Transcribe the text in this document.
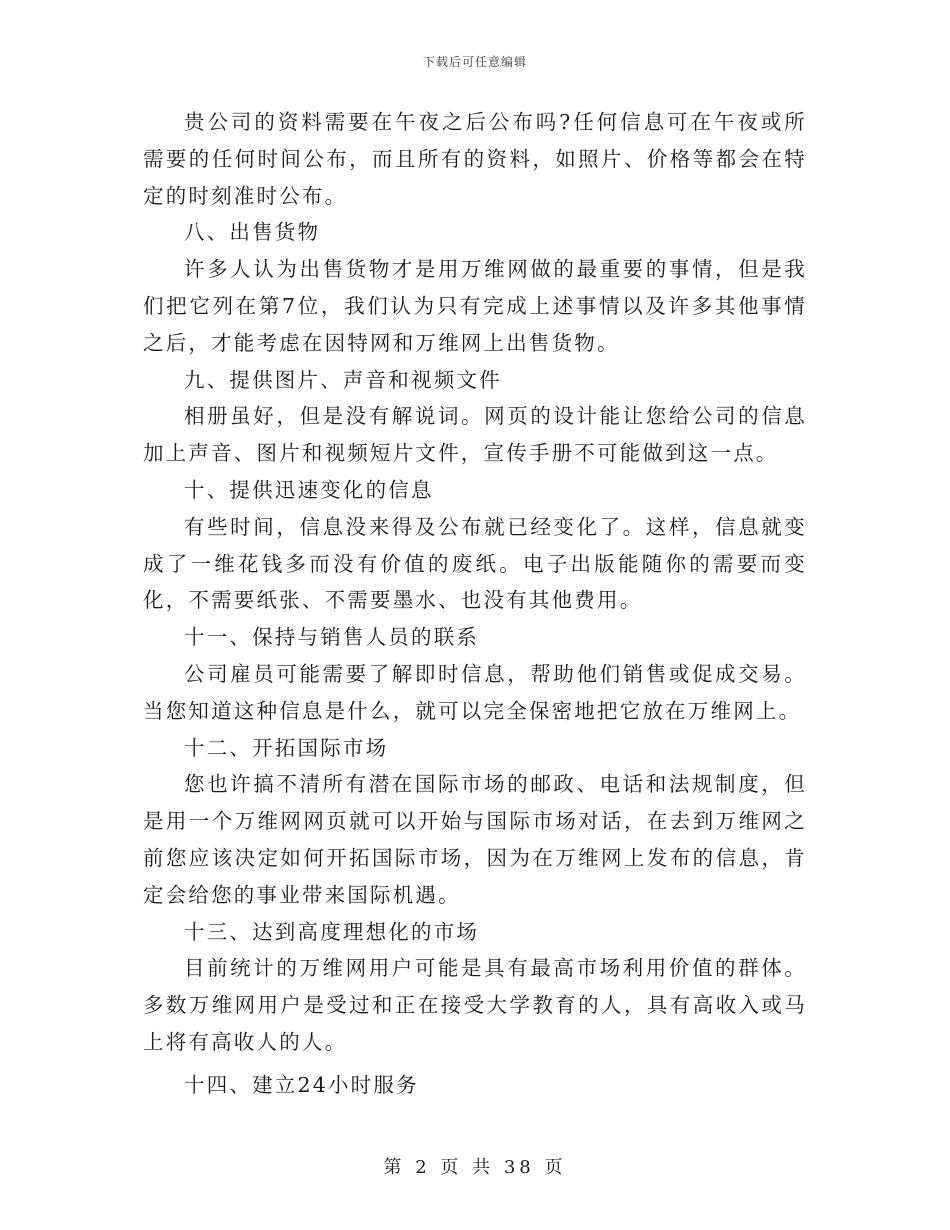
下载后可任意编辑

贵公司的资料需要在午夜之后公布吗?任何信息可在午夜或所需要的任何时间公布，而且所有的资料，如照片、价格等都会在特定的时刻准时公布。

八、出售货物

许多人认为出售货物才是用万维网做的最重要的事情，但是我们把它列在第7位，我们认为只有完成上述事情以及许多其他事情之后，才能考虑在因特网和万维网上出售货物。

九、提供图片、声音和视频文件

相册虽好，但是没有解说词。网页的设计能让您给公司的信息加上声音、图片和视频短片文件，宣传手册不可能做到这一点。

十、提供迅速变化的信息

有些时间，信息没来得及公布就已经变化了。这样，信息就变成了一维花钱多而没有价值的废纸。电子出版能随你的需要而变化，不需要纸张、不需要墨水、也没有其他费用。

十一、保持与销售人员的联系

公司雇员可能需要了解即时信息，帮助他们销售或促成交易。当您知道这种信息是什么，就可以完全保密地把它放在万维网上。

十二、开拓国际市场

您也许搞不清所有潜在国际市场的邮政、电话和法规制度，但是用一个万维网网页就可以开始与国际市场对话，在去到万维网之前您应该决定如何开拓国际市场，因为在万维网上发布的信息，肯定会给您的事业带来国际机遇。

十三、达到高度理想化的市场

目前统计的万维网用户可能是具有最高市场利用价值的群体。多数万维网用户是受过和正在接受大学教育的人，具有高收入或马上将有高收人的人。

十四、建立24小时服务

第 2 页 共 38 页
